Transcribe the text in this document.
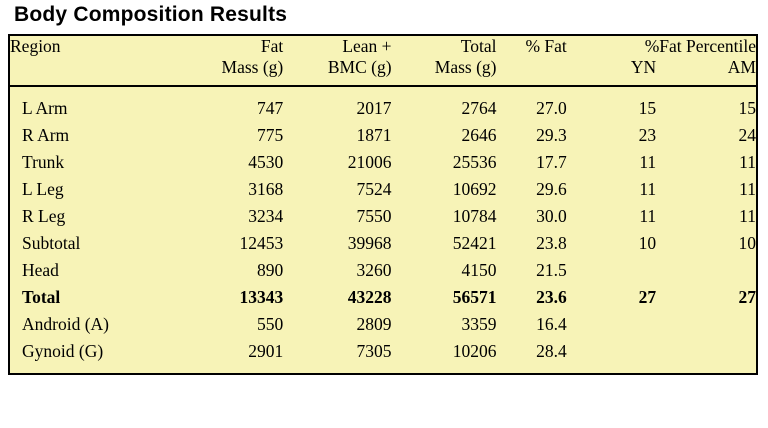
Body Composition Results
Region	Fat	Lean +	Total	% Fat	%Fat Percentile	
	Mass (g)	BMC (g)	Mass (g)		YN	AM

L Arm	747	2017	2764	27.0	15	15
R Arm	775	1871	2646	29.3	23	24
Trunk	4530	21006	25536	17.7	11	11
L Leg	3168	7524	10692	29.6	11	11
R Leg	3234	7550	10784	30.0	11	11
Subtotal	12453	39968	52421	23.8	10	10
Head	890	3260	4150	21.5		
Total	13343	43228	56571	23.6	27	27
Android (A)	550	2809	3359	16.4		
Gynoid (G)	2901	7305	10206	28.4		
